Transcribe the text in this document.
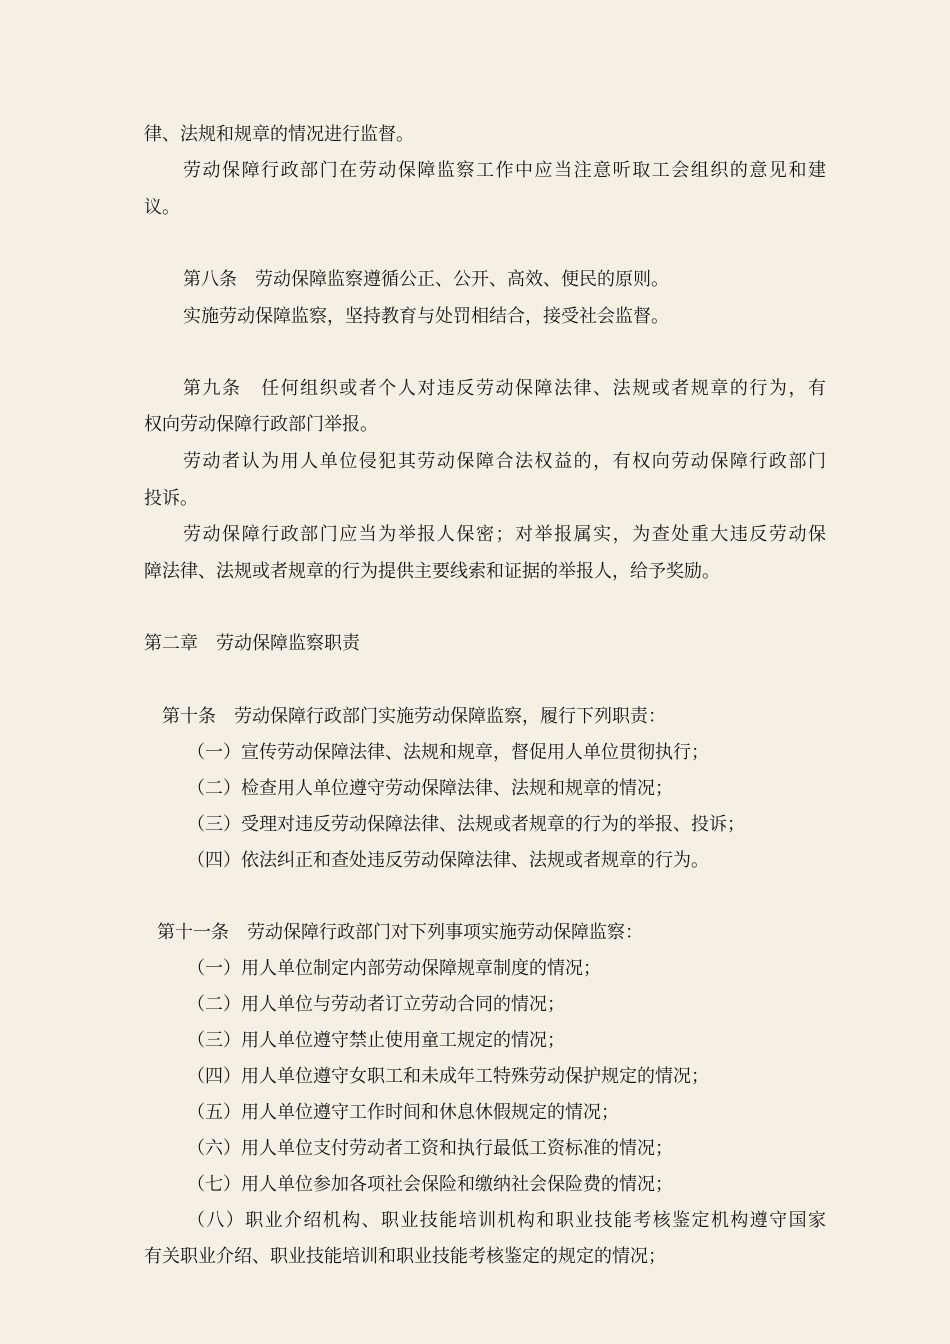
律、法规和规章的情况进行监督。
劳动保障行政部门在劳动保障监察工作中应当注意听取工会组织的意见和建
议。
第八条 劳动保障监察遵循公正、公开、高效、便民的原则。
实施劳动保障监察，坚持教育与处罚相结合，接受社会监督。
第九条 任何组织或者个人对违反劳动保障法律、法规或者规章的行为，有
权向劳动保障行政部门举报。
劳动者认为用人单位侵犯其劳动保障合法权益的，有权向劳动保障行政部门
投诉。
劳动保障行政部门应当为举报人保密；对举报属实，为查处重大违反劳动保
障法律、法规或者规章的行为提供主要线索和证据的举报人，给予奖励。
第二章 劳动保障监察职责
第十条 劳动保障行政部门实施劳动保障监察，履行下列职责：
（一）宣传劳动保障法律、法规和规章，督促用人单位贯彻执行；
（二）检查用人单位遵守劳动保障法律、法规和规章的情况；
（三）受理对违反劳动保障法律、法规或者规章的行为的举报、投诉；
（四）依法纠正和查处违反劳动保障法律、法规或者规章的行为。
第十一条 劳动保障行政部门对下列事项实施劳动保障监察：
（一）用人单位制定内部劳动保障规章制度的情况；
（二）用人单位与劳动者订立劳动合同的情况；
（三）用人单位遵守禁止使用童工规定的情况；
（四）用人单位遵守女职工和未成年工特殊劳动保护规定的情况；
（五）用人单位遵守工作时间和休息休假规定的情况；
（六）用人单位支付劳动者工资和执行最低工资标准的情况；
（七）用人单位参加各项社会保险和缴纳社会保险费的情况；
（八）职业介绍机构、职业技能培训机构和职业技能考核鉴定机构遵守国家
有关职业介绍、职业技能培训和职业技能考核鉴定的规定的情况；
